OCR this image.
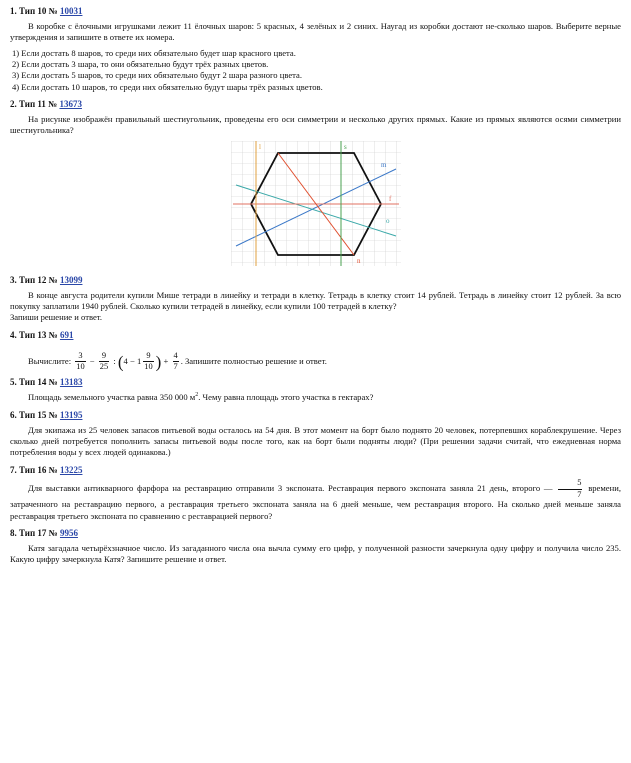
1. Тип 10 № 10031

В коробке с ёлочными игрушками лежит 11 ёлочных шаров: 5 красных, 4 зелёных и 2 синих. Наугад из коробки достают не-сколько шаров. Выберите верные утверждения и запишите в ответе их номера.

1) Если достать 8 шаров, то среди них обязательно будет шар красного цвета.
2) Если достать 3 шара, то они обязательно будут трёх разных цветов.
3) Если достать 5 шаров, то среди них обязательно будут 2 шара разного цвета.
4) Если достать 10 шаров, то среди них обязательно будут шары трёх разных цветов.
2. Тип 11 № 13673

На рисунке изображён правильный шестиугольник, проведены его оси симметрии и несколько других прямых. Какие из прямых являются осями симметрии шестиугольника?

m
l
o
f
n
s
3. Тип 12 № 13099

В конце августа родители купили Мише тетради в линейку и тетради в клетку. Тетрадь в клетку стоит 14 рублей. Тетрадь в линейку стоит 12 рублей. За всю покупку заплатили 1940 рублей. Сколько купили тетрадей в линейку, если купили 100 тетрадей в клетку?

Запиши решение и ответ.

4. Тип 13 № 691
Вычислите: $\frac{3}{10} - \frac{9}{25}$ : ($4 - 1 \frac{9}{10}$ ) + $\frac{4}{7}$ . Запишите полностью решение и ответ.
5. Тип 14 № 13183

Площадь земельного участка равна 350 000 $м^2$. Чему равна площадь этого участка в гектарах?

6. Тип 15 № 13195

Для экипажа из 25 человек запасов питьевой воды осталось на 54 дня. В этот момент на борт было поднято 20 человек, потерпевших кораблекрушение. Через сколько дней потребуется пополнить запасы питьевой воды после того, как на борт были подняты люди? (При решении задачи считай, что ежедневная норма потребления воды у всех людей одинакова.)

7. Тип 16 № 13225

Для выставки антикварного фарфора на реставрацию отправили 3 экспоната. Реставрация первого экспоната заняла 21 день, второго — $\frac{5}{7}$ времени, затраченного на реставрацию первого, а реставрация третьего экспоната заняла на 6 дней меньше, чем реставрация второго. На сколько дней меньше заняла реставрация третьего экспоната по сравнению с реставрацией первого?

8. Тип 17 № 9956

Катя загадала четырёхзначное число. Из загаданного числа она вычла сумму его цифр, у полученной разности зачеркнула одну цифру и получила число 235. Какую цифру зачеркнула Катя? Запишите решение и ответ.
